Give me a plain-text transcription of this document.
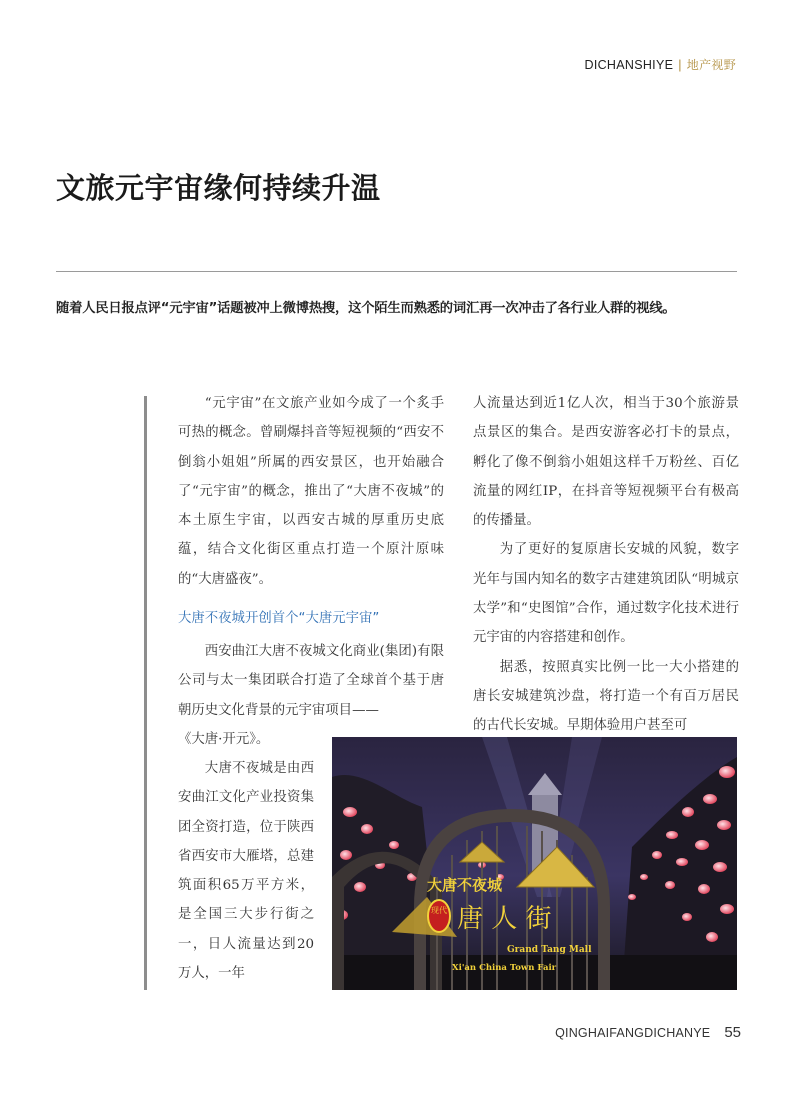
DICHANSHIYE | 地产视野
文旅元宇宙缘何持续升温

随着人民日报点评“元宇宙”话题被冲上微博热搜，这个陌生而熟悉的词汇再一次冲击了各行业人群的视线。

“元宇宙”在文旅产业如今成了一个炙手可热的概念。曾刷爆抖音等短视频的“西安不倒翁小姐姐”所属的西安景区，也开始融合了“元宇宙”的概念，推出了“大唐不夜城”的本土原生宇宙，以西安古城的厚重历史底蕴，结合文化街区重点打造一个原汁原味的“大唐盛夜”。

大唐不夜城开创首个“大唐元宇宙”

西安曲江大唐不夜城文化商业(集团)有限公司与太一集团联合打造了全球首个基于唐朝历史文化背景的元宇宙项目——

《大唐·开元》。

大唐不夜城是由西安曲江文化产业投资集团全资打造，位于陕西省西安市大雁塔，总建筑面积65万平方米，是全国三大步行街之一，日人流量达到20万人，一年

人流量达到近1亿人次，相当于30个旅游景点景区的集合。是西安游客必打卡的景点，孵化了像不倒翁小姐姐这样千万粉丝、百亿流量的网红IP，在抖音等短视频平台有极高的传播量。

为了更好的复原唐长安城的风貌，数字光年与国内知名的数字古建建筑团队“明城京太学”和“史图馆”合作，通过数字化技术进行元宇宙的内容搭建和创作。

据悉，按照真实比例一比一大小搭建的唐长安城建筑沙盘，将打造一个有百万居民的古代长安城。早期体验用户甚至可

大唐不夜城
现代 唐 人 街
Grand Tang Mall
Xi'an China Town Fair
QINGHAIFANGDICHANYE 55
